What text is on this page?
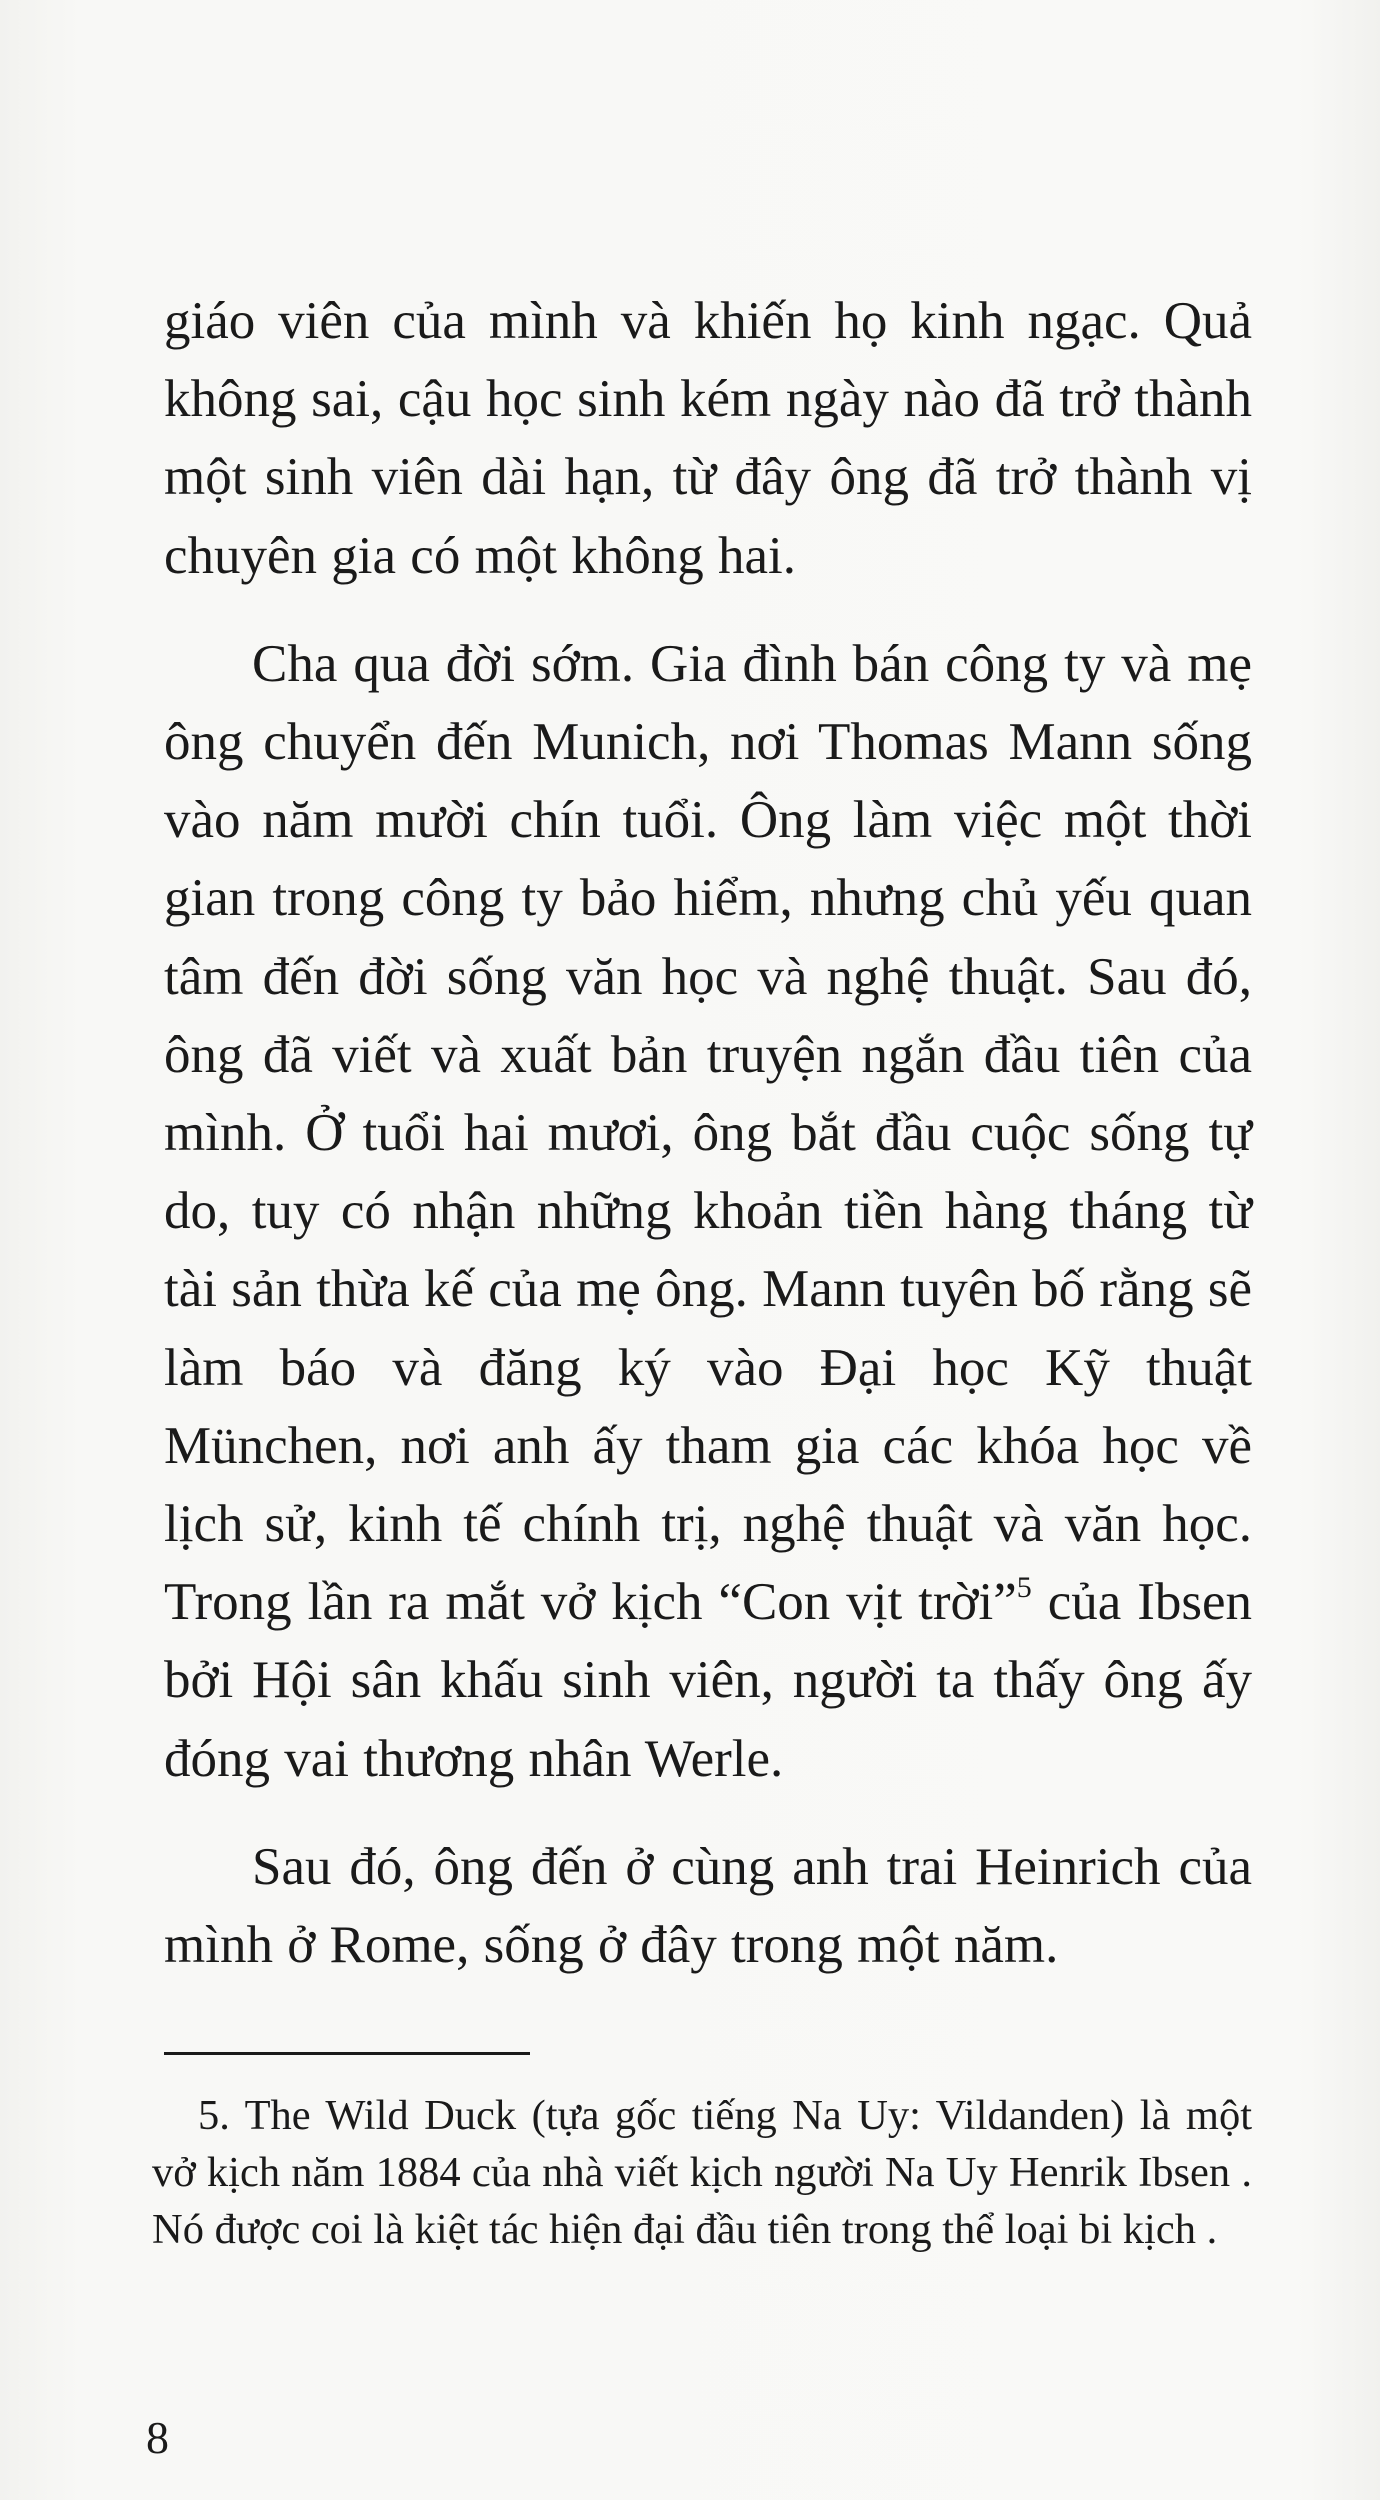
giáo viên của mình và khiến họ kinh ngạc. Quả không sai, cậu học sinh kém ngày nào đã trở thành một sinh viên dài hạn, từ đây ông đã trở thành vị chuyên gia có một không hai.

Cha qua đời sớm. Gia đình bán công ty và mẹ ông chuyển đến Munich, nơi Thomas Mann sống vào năm mười chín tuổi. Ông làm việc một thời gian trong công ty bảo hiểm, nhưng chủ yếu quan tâm đến đời sống văn học và nghệ thuật. Sau đó, ông đã viết và xuất bản truyện ngắn đầu tiên của mình. Ở tuổi hai mươi, ông bắt đầu cuộc sống tự do, tuy có nhận những khoản tiền hàng tháng từ tài sản thừa kế của mẹ ông. Mann tuyên bố rằng sẽ làm báo và đăng ký vào Đại học Kỹ thuật München, nơi anh ấy tham gia các khóa học về lịch sử, kinh tế chính trị, nghệ thuật và văn học. Trong lần ra mắt vở kịch “Con vịt trời”$^5$ của Ibsen bởi Hội sân khấu sinh viên, người ta thấy ông ấy đóng vai thương nhân Werle.

Sau đó, ông đến ở cùng anh trai Heinrich của mình ở Rome, sống ở đây trong một năm.

5. The Wild Duck (tựa gốc tiếng Na Uy: Vildanden) là một vở kịch năm 1884 của nhà viết kịch người Na Uy Henrik Ibsen . Nó được coi là kiệt tác hiện đại đầu tiên trong thể loại bi kịch .

8
